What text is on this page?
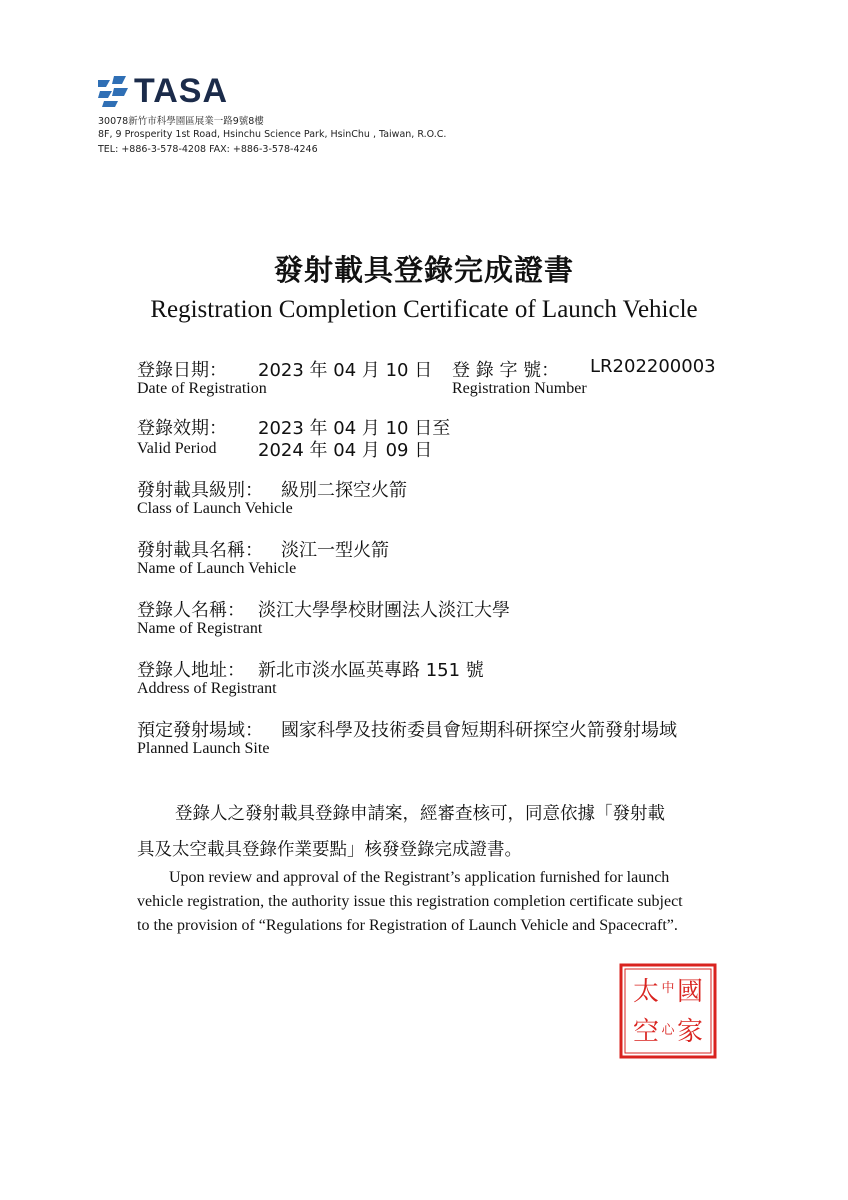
TASA
30078新竹市科學園區展業一路9號8樓
8F, 9 Prosperity 1st Road, Hsinchu Science Park, HsinChu , Taiwan, R.O.C.
TEL: +886-3-578-4208 FAX: +886-3-578-4246
發射載具登錄完成證書
Registration Completion Certificate of Launch Vehicle
登錄日期： 2023 年 04 月 10 日
Date of Registration
登 錄 字 號： LR202200003
Registration Number
登錄效期： 2023 年 04 月 10 日至
Valid Period 2024 年 04 月 09 日
發射載具級別： 級別二探空火箭
Class of Launch Vehicle
發射載具名稱： 淡江一型火箭
Name of Launch Vehicle
登錄人名稱： 淡江大學學校財團法人淡江大學
Name of Registrant
登錄人地址： 新北市淡水區英專路 151 號
Address of Registrant
預定發射場域： 國家科學及技術委員會短期科研探空火箭發射場域
Planned Launch Site
登錄人之發射載具登錄申請案，經審查核可，同意依據「發射載
具及太空載具登錄作業要點」核發登錄完成證書。
Upon review and approval of the Registrant’s application furnished for launch
vehicle registration, the authority issue this registration completion certificate subject
to the provision of “Regulations for Registration of Launch Vehicle and Spacecraft”.
國
家
太
空
中
心
